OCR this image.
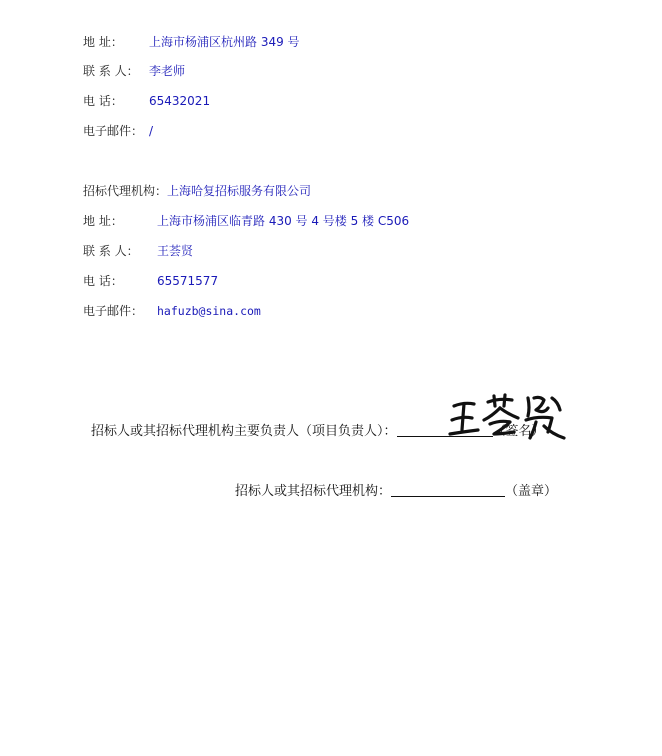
地 址： 上海市杨浦区杭州路 349 号
联 系 人： 李老师
电 话： 65432021
电子邮件： /
招标代理机构：上海哈复招标服务有限公司
地 址：	上海市杨浦区临青路 430 号 4 号楼 5 楼 C506
联 系 人： 王荟贤
电 话：	65571577
电子邮件： hafuzb@sina.com
招标人或其招标代理机构主要负责人（项目负责人）：	（签名）
招标人或其招标代理机构：	（盖章）
